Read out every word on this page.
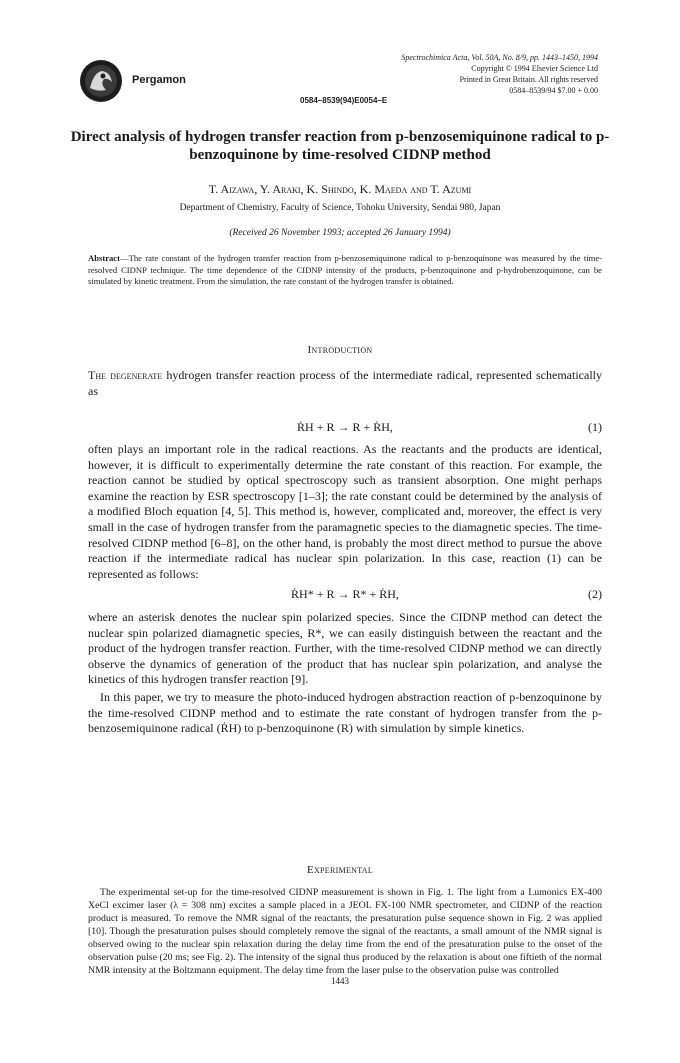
Pergamon
Spectrochimica Acta, Vol. 50A, No. 8/9, pp. 1443–1450, 1994
Copyright © 1994 Elsevier Science Ltd
Printed in Great Britain. All rights reserved
0584–8539/94 $7.00 + 0.00
0584–8539(94)E0054–E
Direct analysis of hydrogen transfer reaction from p-benzosemiquinone radical to p-benzoquinone by time-resolved CIDNP method
T. Aizawa, Y. Araki, K. Shindo, K. Maeda and T. Azumi
Department of Chemistry, Faculty of Science, Tohoku University, Sendai 980, Japan
(Received 26 November 1993; accepted 26 January 1994)
Abstract—The rate constant of the hydrogen transfer reaction from p-benzosemiquinone radical to p-benzoquinone was measured by the time-resolved CIDNP technique. The time dependence of the CIDNP intensity of the products, p-benzoquinone and p-hydrobenzoquinone, can be simulated by kinetic treatment. From the simulation, the rate constant of the hydrogen transfer is obtained.
Introduction
The degenerate hydrogen transfer reaction process of the intermediate radical, represented schematically as
ṘH + R → R + ṘH,	(1)
often plays an important role in the radical reactions. As the reactants and the products are identical, however, it is difficult to experimentally determine the rate constant of this reaction. For example, the reaction cannot be studied by optical spectroscopy such as transient absorption. One might perhaps examine the reaction by ESR spectroscopy [1–3]; the rate constant could be determined by the analysis of a modified Bloch equation [4, 5]. This method is, however, complicated and, moreover, the effect is very small in the case of hydrogen transfer from the paramagnetic species to the diamagnetic species. The time-resolved CIDNP method [6–8], on the other hand, is probably the most direct method to pursue the above reaction if the intermediate radical has nuclear spin polarization. In this case, reaction (1) can be represented as follows:
ṘH* + R → R* + ṘH,	(2)
where an asterisk denotes the nuclear spin polarized species. Since the CIDNP method can detect the nuclear spin polarized diamagnetic species, R*, we can easily distinguish between the reactant and the product of the hydrogen transfer reaction. Further, with the time-resolved CIDNP method we can directly observe the dynamics of generation of the product that has nuclear spin polarization, and analyse the kinetics of this hydrogen transfer reaction [9].
In this paper, we try to measure the photo-induced hydrogen abstraction reaction of p-benzoquinone by the time-resolved CIDNP method and to estimate the rate constant of hydrogen transfer from the p-benzosemiquinone radical (ṘH) to p-benzoquinone (R) with simulation by simple kinetics.
Experimental
The experimental set-up for the time-resolved CIDNP measurement is shown in Fig. 1. The light from a Lumonics EX-400 XeCl excimer laser (λ = 308 nm) excites a sample placed in a JEOL FX-100 NMR spectrometer, and CIDNP of the reaction product is measured. To remove the NMR signal of the reactants, the presaturation pulse sequence shown in Fig. 2 was applied [10]. Though the presaturation pulses should completely remove the signal of the reactants, a small amount of the NMR signal is observed owing to the nuclear spin relaxation during the delay time from the end of the presaturation pulse to the onset of the observation pulse (20 ms; see Fig. 2). The intensity of the signal thus produced by the relaxation is about one fiftieth of the normal NMR intensity at the Boltzmann equipment. The delay time from the laser pulse to the observation pulse was controlled
1443
